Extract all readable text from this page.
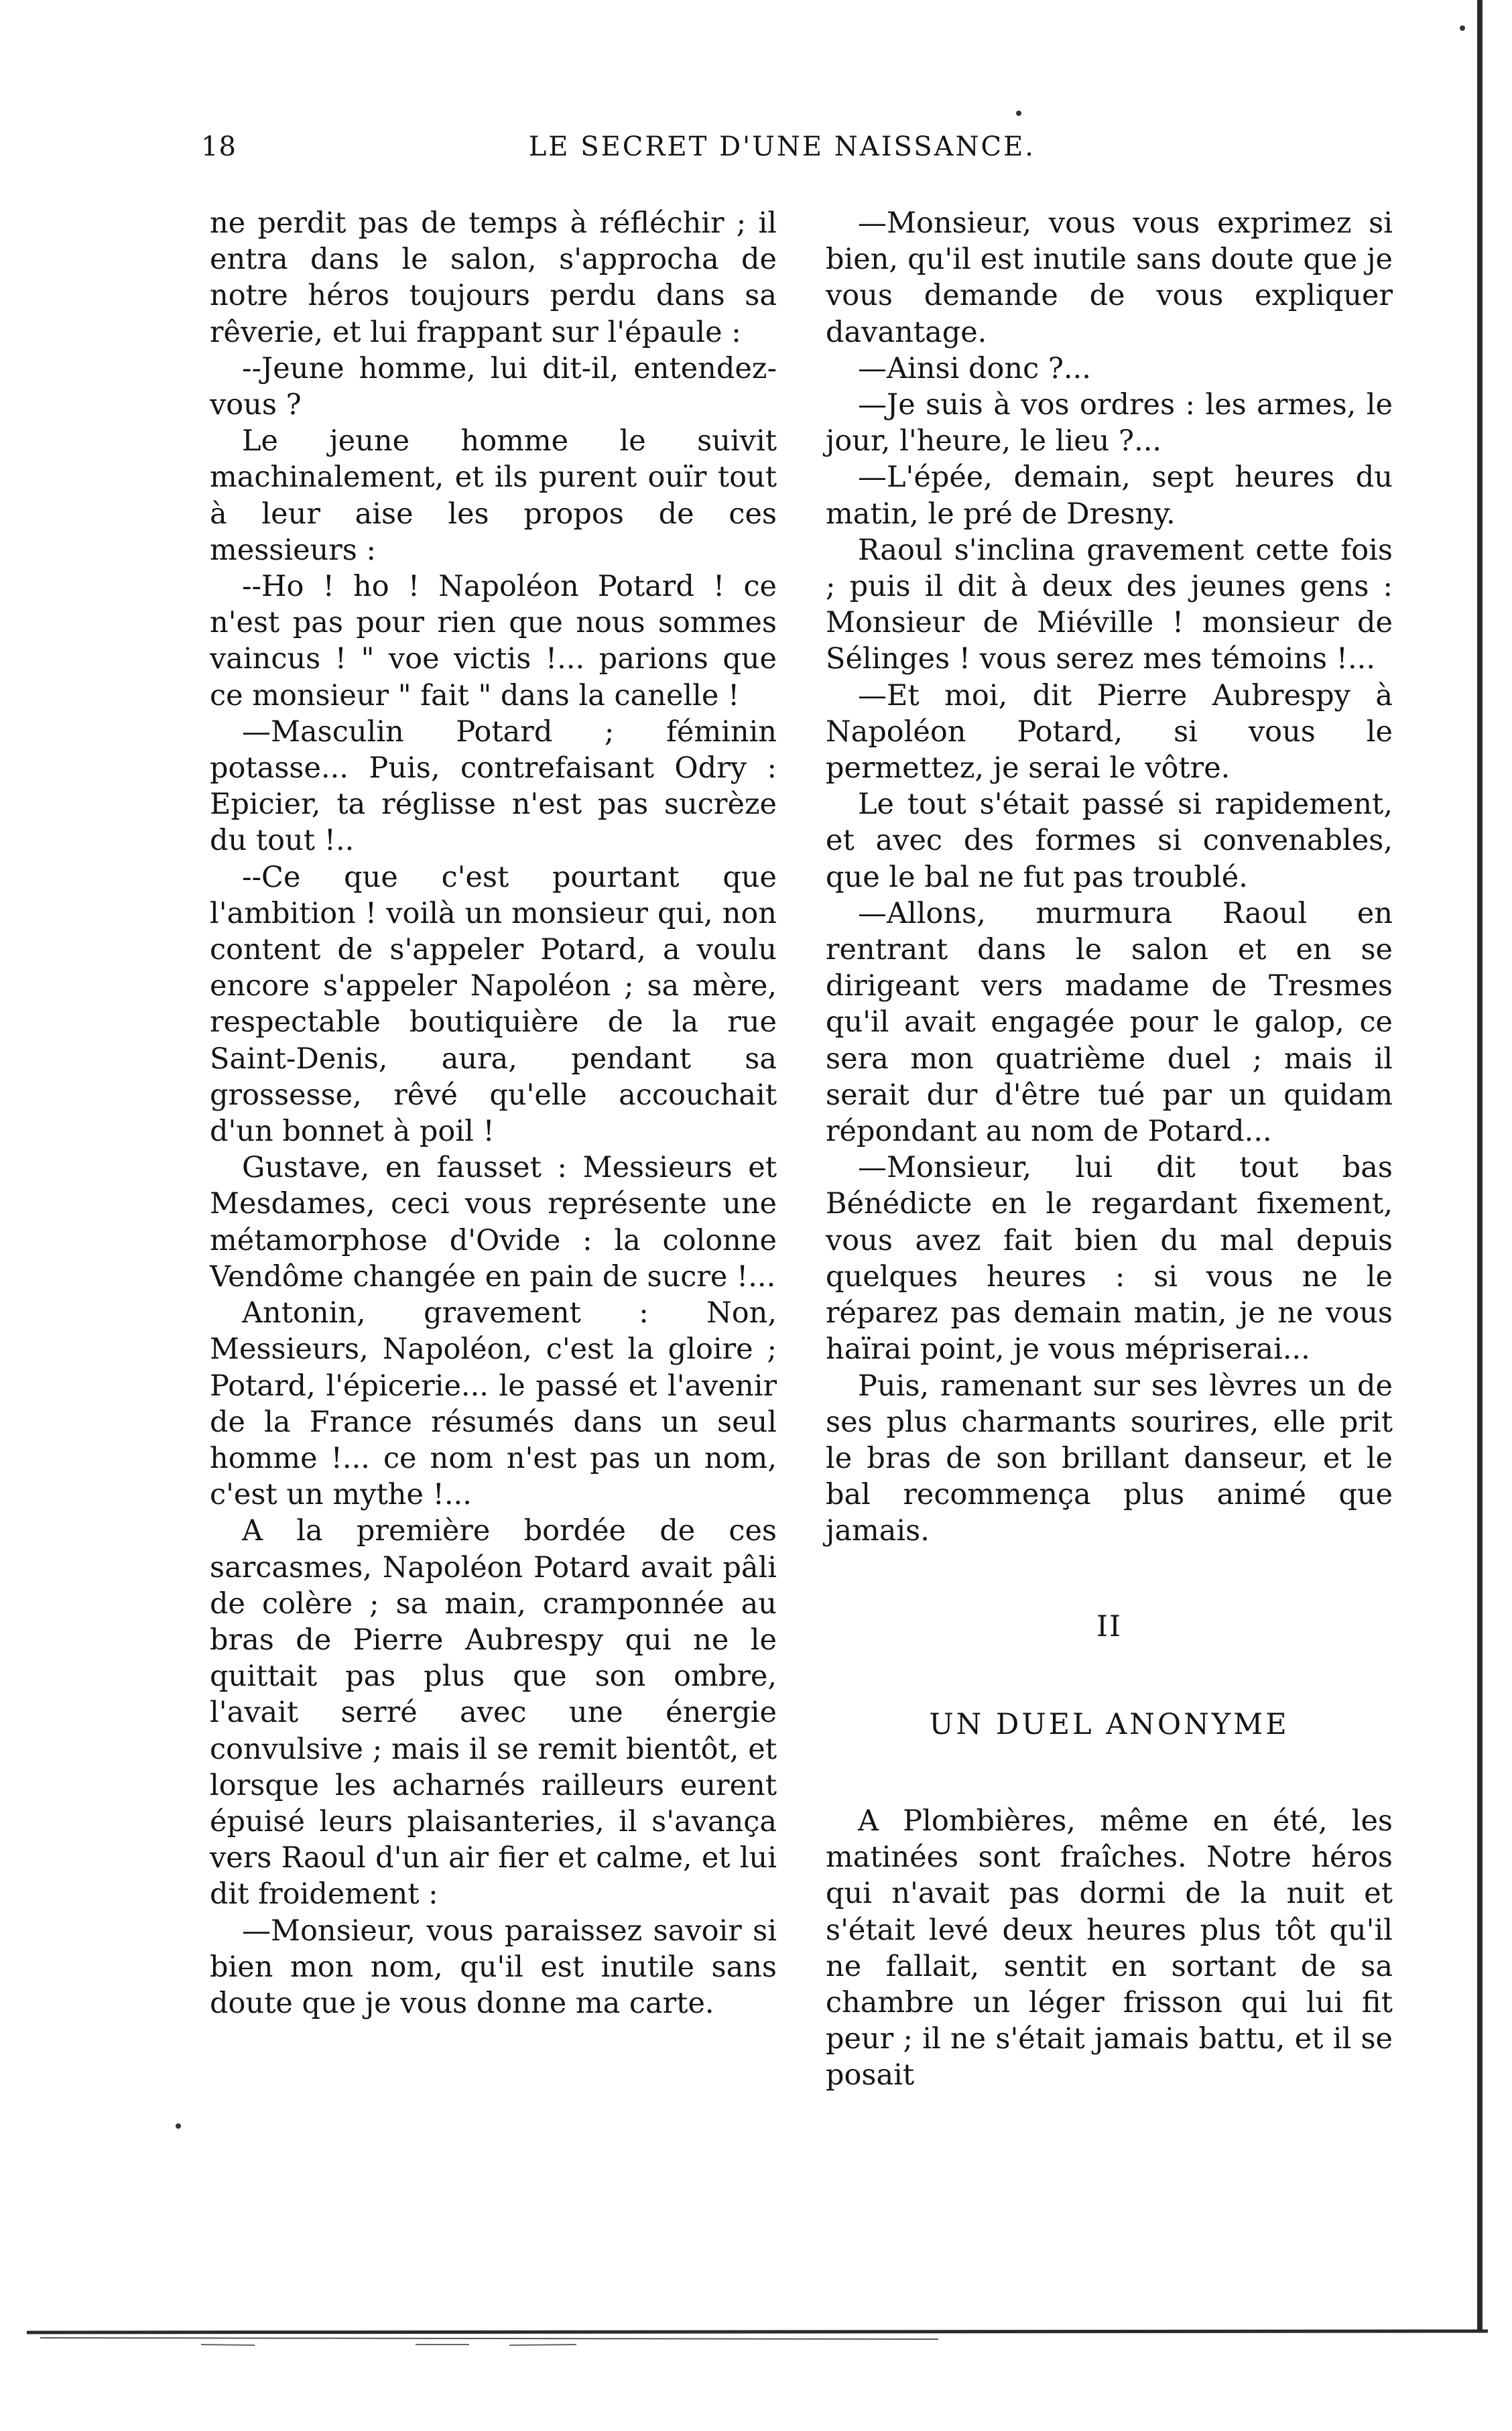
18	LE SECRET D'UNE NAISSANCE.

ne perdit pas de temps à réfléchir ; il entra dans le salon, s'approcha de notre héros toujours perdu dans sa rêverie, et lui frappant sur l'épaule :

--Jeune homme, lui dit-il, entendez-vous ?

Le jeune homme le suivit machinalement, et ils purent ouïr tout à leur aise les propos de ces messieurs :

--Ho ! ho ! Napoléon Potard ! ce n'est pas pour rien que nous sommes vaincus ! " voe victis !... parions que ce monsieur " fait " dans la canelle !

—Masculin Potard ; féminin potasse... Puis, contrefaisant Odry : Epicier, ta réglisse n'est pas sucrèze du tout !..

--Ce que c'est pourtant que l'ambition ! voilà un monsieur qui, non content de s'appeler Potard, a voulu encore s'appeler Napoléon ; sa mère, respectable boutiquière de la rue Saint-Denis, aura, pendant sa grossesse, rêvé qu'elle accouchait d'un bonnet à poil !

Gustave, en fausset : Messieurs et Mesdames, ceci vous représente une métamorphose d'Ovide : la colonne Vendôme changée en pain de sucre !...

Antonin, gravement : Non, Messieurs, Napoléon, c'est la gloire ; Potard, l'épicerie... le passé et l'avenir de la France résumés dans un seul homme !... ce nom n'est pas un nom, c'est un mythe !...

A la première bordée de ces sarcasmes, Napoléon Potard avait pâli de colère ; sa main, cramponnée au bras de Pierre Aubrespy qui ne le quittait pas plus que son ombre, l'avait serré avec une énergie convulsive ; mais il se remit bientôt, et lorsque les acharnés railleurs eurent épuisé leurs plaisanteries, il s'avança vers Raoul d'un air fier et calme, et lui dit froidement :

—Monsieur, vous paraissez savoir si bien mon nom, qu'il est inutile sans doute que je vous donne ma carte.

—Monsieur, vous vous exprimez si bien, qu'il est inutile sans doute que je vous demande de vous expliquer davantage.

—Ainsi donc ?...

—Je suis à vos ordres : les armes, le jour, l'heure, le lieu ?...

—L'épée, demain, sept heures du matin, le pré de Dresny.

Raoul s'inclina gravement cette fois ; puis il dit à deux des jeunes gens : Monsieur de Miéville ! monsieur de Sélinges ! vous serez mes témoins !...

—Et moi, dit Pierre Aubrespy à Napoléon Potard, si vous le permettez, je serai le vôtre.

Le tout s'était passé si rapidement, et avec des formes si convenables, que le bal ne fut pas troublé.

—Allons, murmura Raoul en rentrant dans le salon et en se dirigeant vers madame de Tresmes qu'il avait engagée pour le galop, ce sera mon quatrième duel ; mais il serait dur d'être tué par un quidam répondant au nom de Potard...

—Monsieur, lui dit tout bas Bénédicte en le regardant fixement, vous avez fait bien du mal depuis quelques heures : si vous ne le réparez pas demain matin, je ne vous haïrai point, je vous mépriserai...

Puis, ramenant sur ses lèvres un de ses plus charmants sourires, elle prit le bras de son brillant danseur, et le bal recommença plus animé que jamais.

II

UN DUEL ANONYME

A Plombières, même en été, les matinées sont fraîches. Notre héros qui n'avait pas dormi de la nuit et s'était levé deux heures plus tôt qu'il ne fallait, sentit en sortant de sa chambre un léger frisson qui lui fit peur ; il ne s'était jamais battu, et il se posait
